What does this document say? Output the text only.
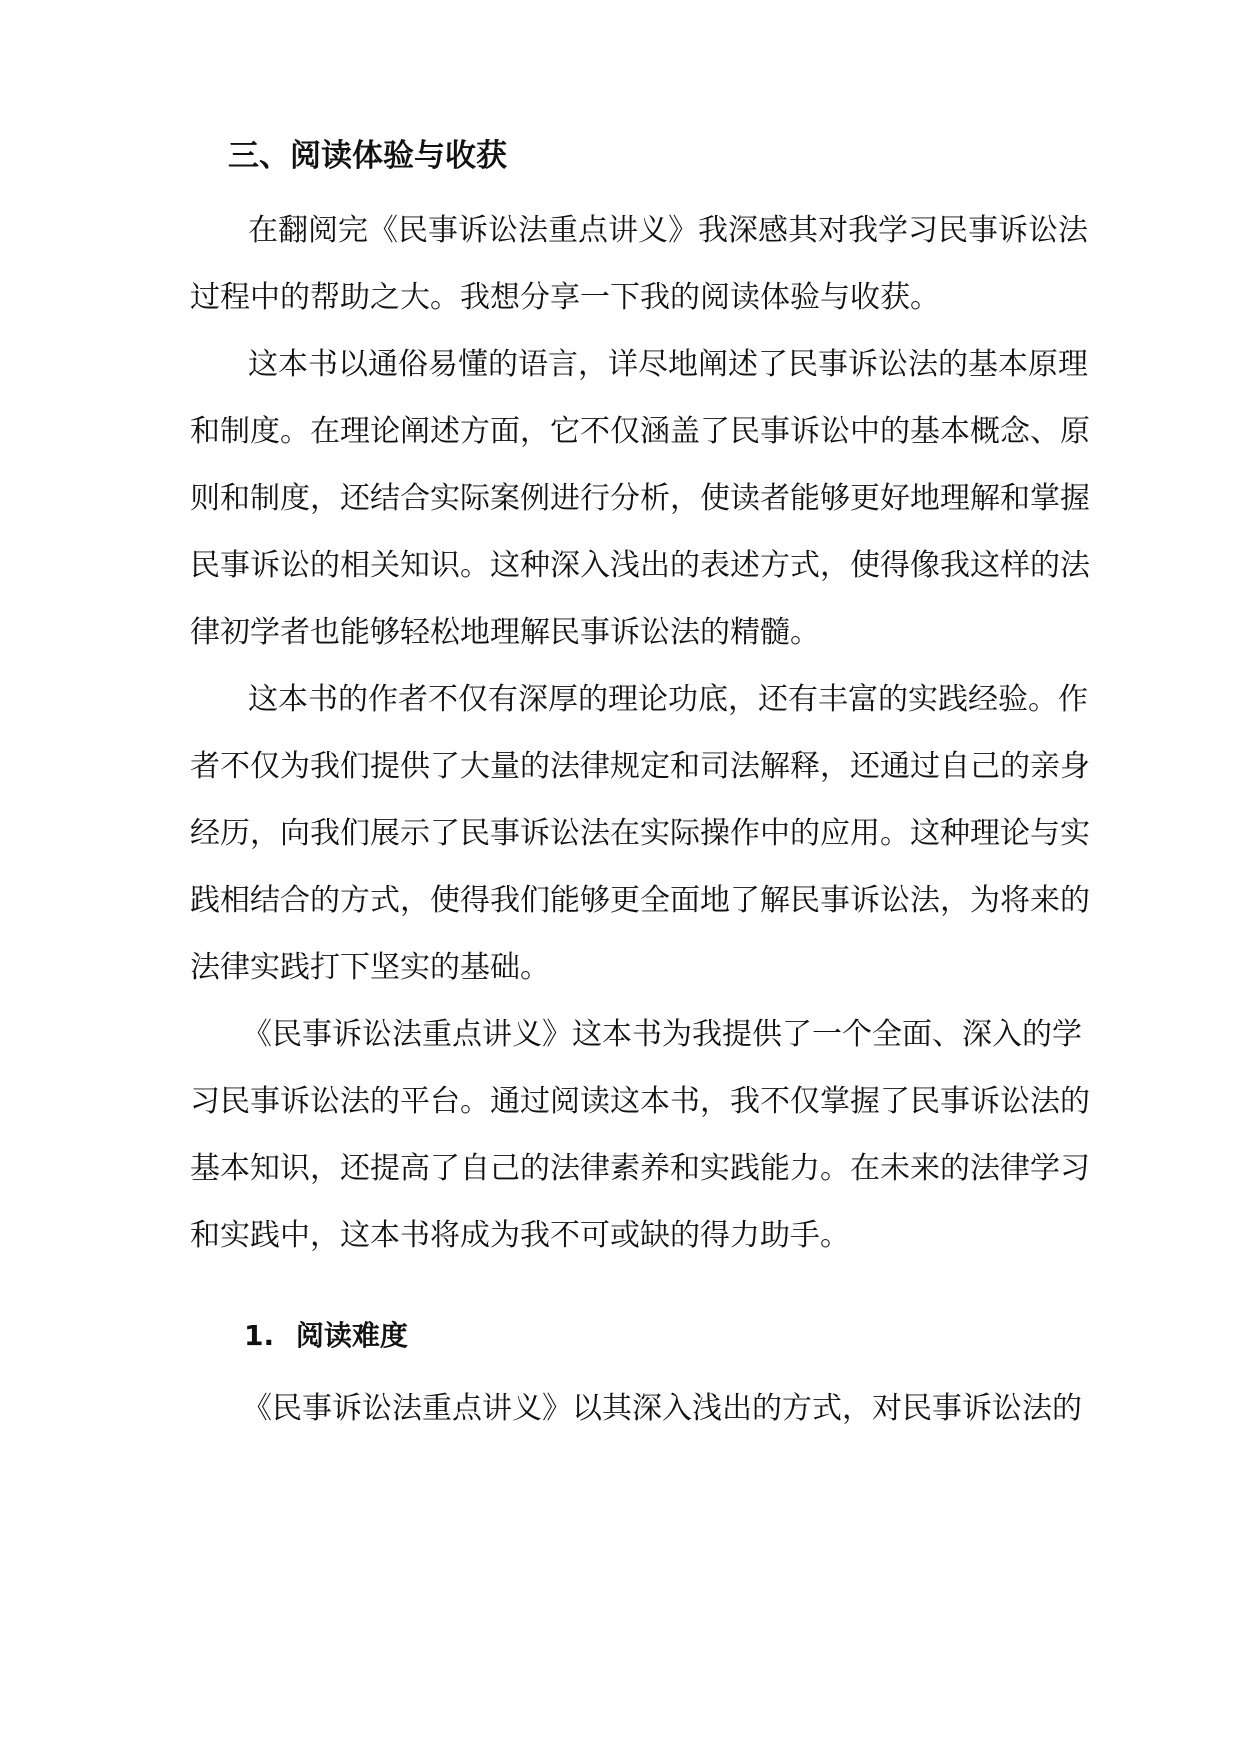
三、阅读体验与收获
在翻阅完《民事诉讼法重点讲义》我深感其对我学习民事诉讼法
过程中的帮助之大。我想分享一下我的阅读体验与收获。
这本书以通俗易懂的语言，详尽地阐述了民事诉讼法的基本原理
和制度。在理论阐述方面，它不仅涵盖了民事诉讼中的基本概念、原
则和制度，还结合实际案例进行分析，使读者能够更好地理解和掌握
民事诉讼的相关知识。这种深入浅出的表述方式，使得像我这样的法
律初学者也能够轻松地理解民事诉讼法的精髓。
这本书的作者不仅有深厚的理论功底，还有丰富的实践经验。作
者不仅为我们提供了大量的法律规定和司法解释，还通过自己的亲身
经历，向我们展示了民事诉讼法在实际操作中的应用。这种理论与实
践相结合的方式，使得我们能够更全面地了解民事诉讼法，为将来的
法律实践打下坚实的基础。
《民事诉讼法重点讲义》这本书为我提供了一个全面、深入的学
习民事诉讼法的平台。通过阅读这本书，我不仅掌握了民事诉讼法的
基本知识，还提高了自己的法律素养和实践能力。在未来的法律学习
和实践中，这本书将成为我不可或缺的得力助手。
1. 阅读难度
《民事诉讼法重点讲义》以其深入浅出的方式，对民事诉讼法的
